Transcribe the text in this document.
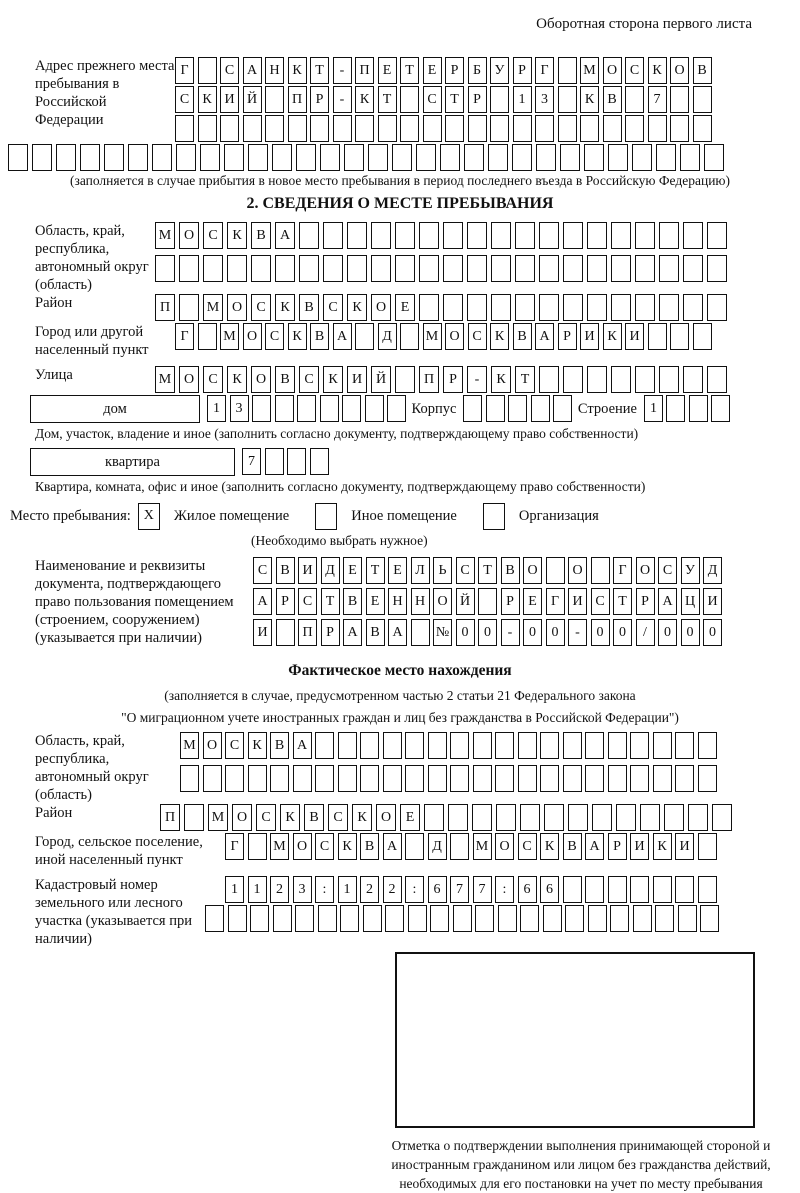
Оборотная сторона первого листа
Адрес прежнего места пребывания в Российской Федерации
Г	С А Н К Т	-	П Е Т Е	Р	Б У Р	Г	М О С К О В
С К И Й	П Р	-	К Т	С Т	Р	1	3	К В	7
(заполняется в случае прибытия в новое место пребывания в период последнего въезда в Российскую Федерацию)
2. СВЕДЕНИЯ О МЕСТЕ ПРЕБЫВАНИЯ
Область, край, республика, автономный округ (область)
М О	С	К	В	А
Район	П	М О	С	К	В	С	К	О	Е
Город или другой населенный пункт
Г	М О С К В А	Д	М О С К В А Р И К И
Улица	М О	С	К	О	В	С	К	И Й	П	Р	-	К	Т
дом	1	3	Корпус	Строение 1
Дом, участок, владение и иное (заполнить согласно документу, подтверждающему право собственности)
квартира	7
Квартира, комната, офис и иное (заполнить согласно документу, подтверждающему право собственности)
Место пребывания: X	Жилое помещение	Иное помещение	Организация
(Необходимо выбрать нужное)
Наименование и реквизиты документа, подтверждающего право пользования помещением (строением, сооружением) (указывается при наличии)
С В И Д Е Т Е Л Ь С Т В О	О	Г О С У Д
А Р С Т В Е Н Н О Й	Р	Е	Г И С Т	Р А Ц И
И	П Р А В А	№ 0	0	-	0	0	-	0	0	/	0	0	0
Фактическое место нахождения
(заполняется в случае, предусмотренном частью 2 статьи 21 Федерального закона
"О миграционном учете иностранных граждан и лиц без гражданства в Российской Федерации")
Область, край, республика, автономный округ (область)
М О С К В А
Район	П	М О	С	К	В	С	К	О	Е
Город, сельское поселение, иной населенный пункт
Г	М О С К В А	Д	М О С К В А Р И К И
Кадастровый номер земельного или лесного участка (указывается при наличии)
1	1	2	3	:	1	2	2	:	6	7	7	:	6	6
Отметка о подтверждении выполнения принимающей стороной и иностранным гражданином или лицом без гражданства действий, необходимых для его постановки на учет по месту пребывания
